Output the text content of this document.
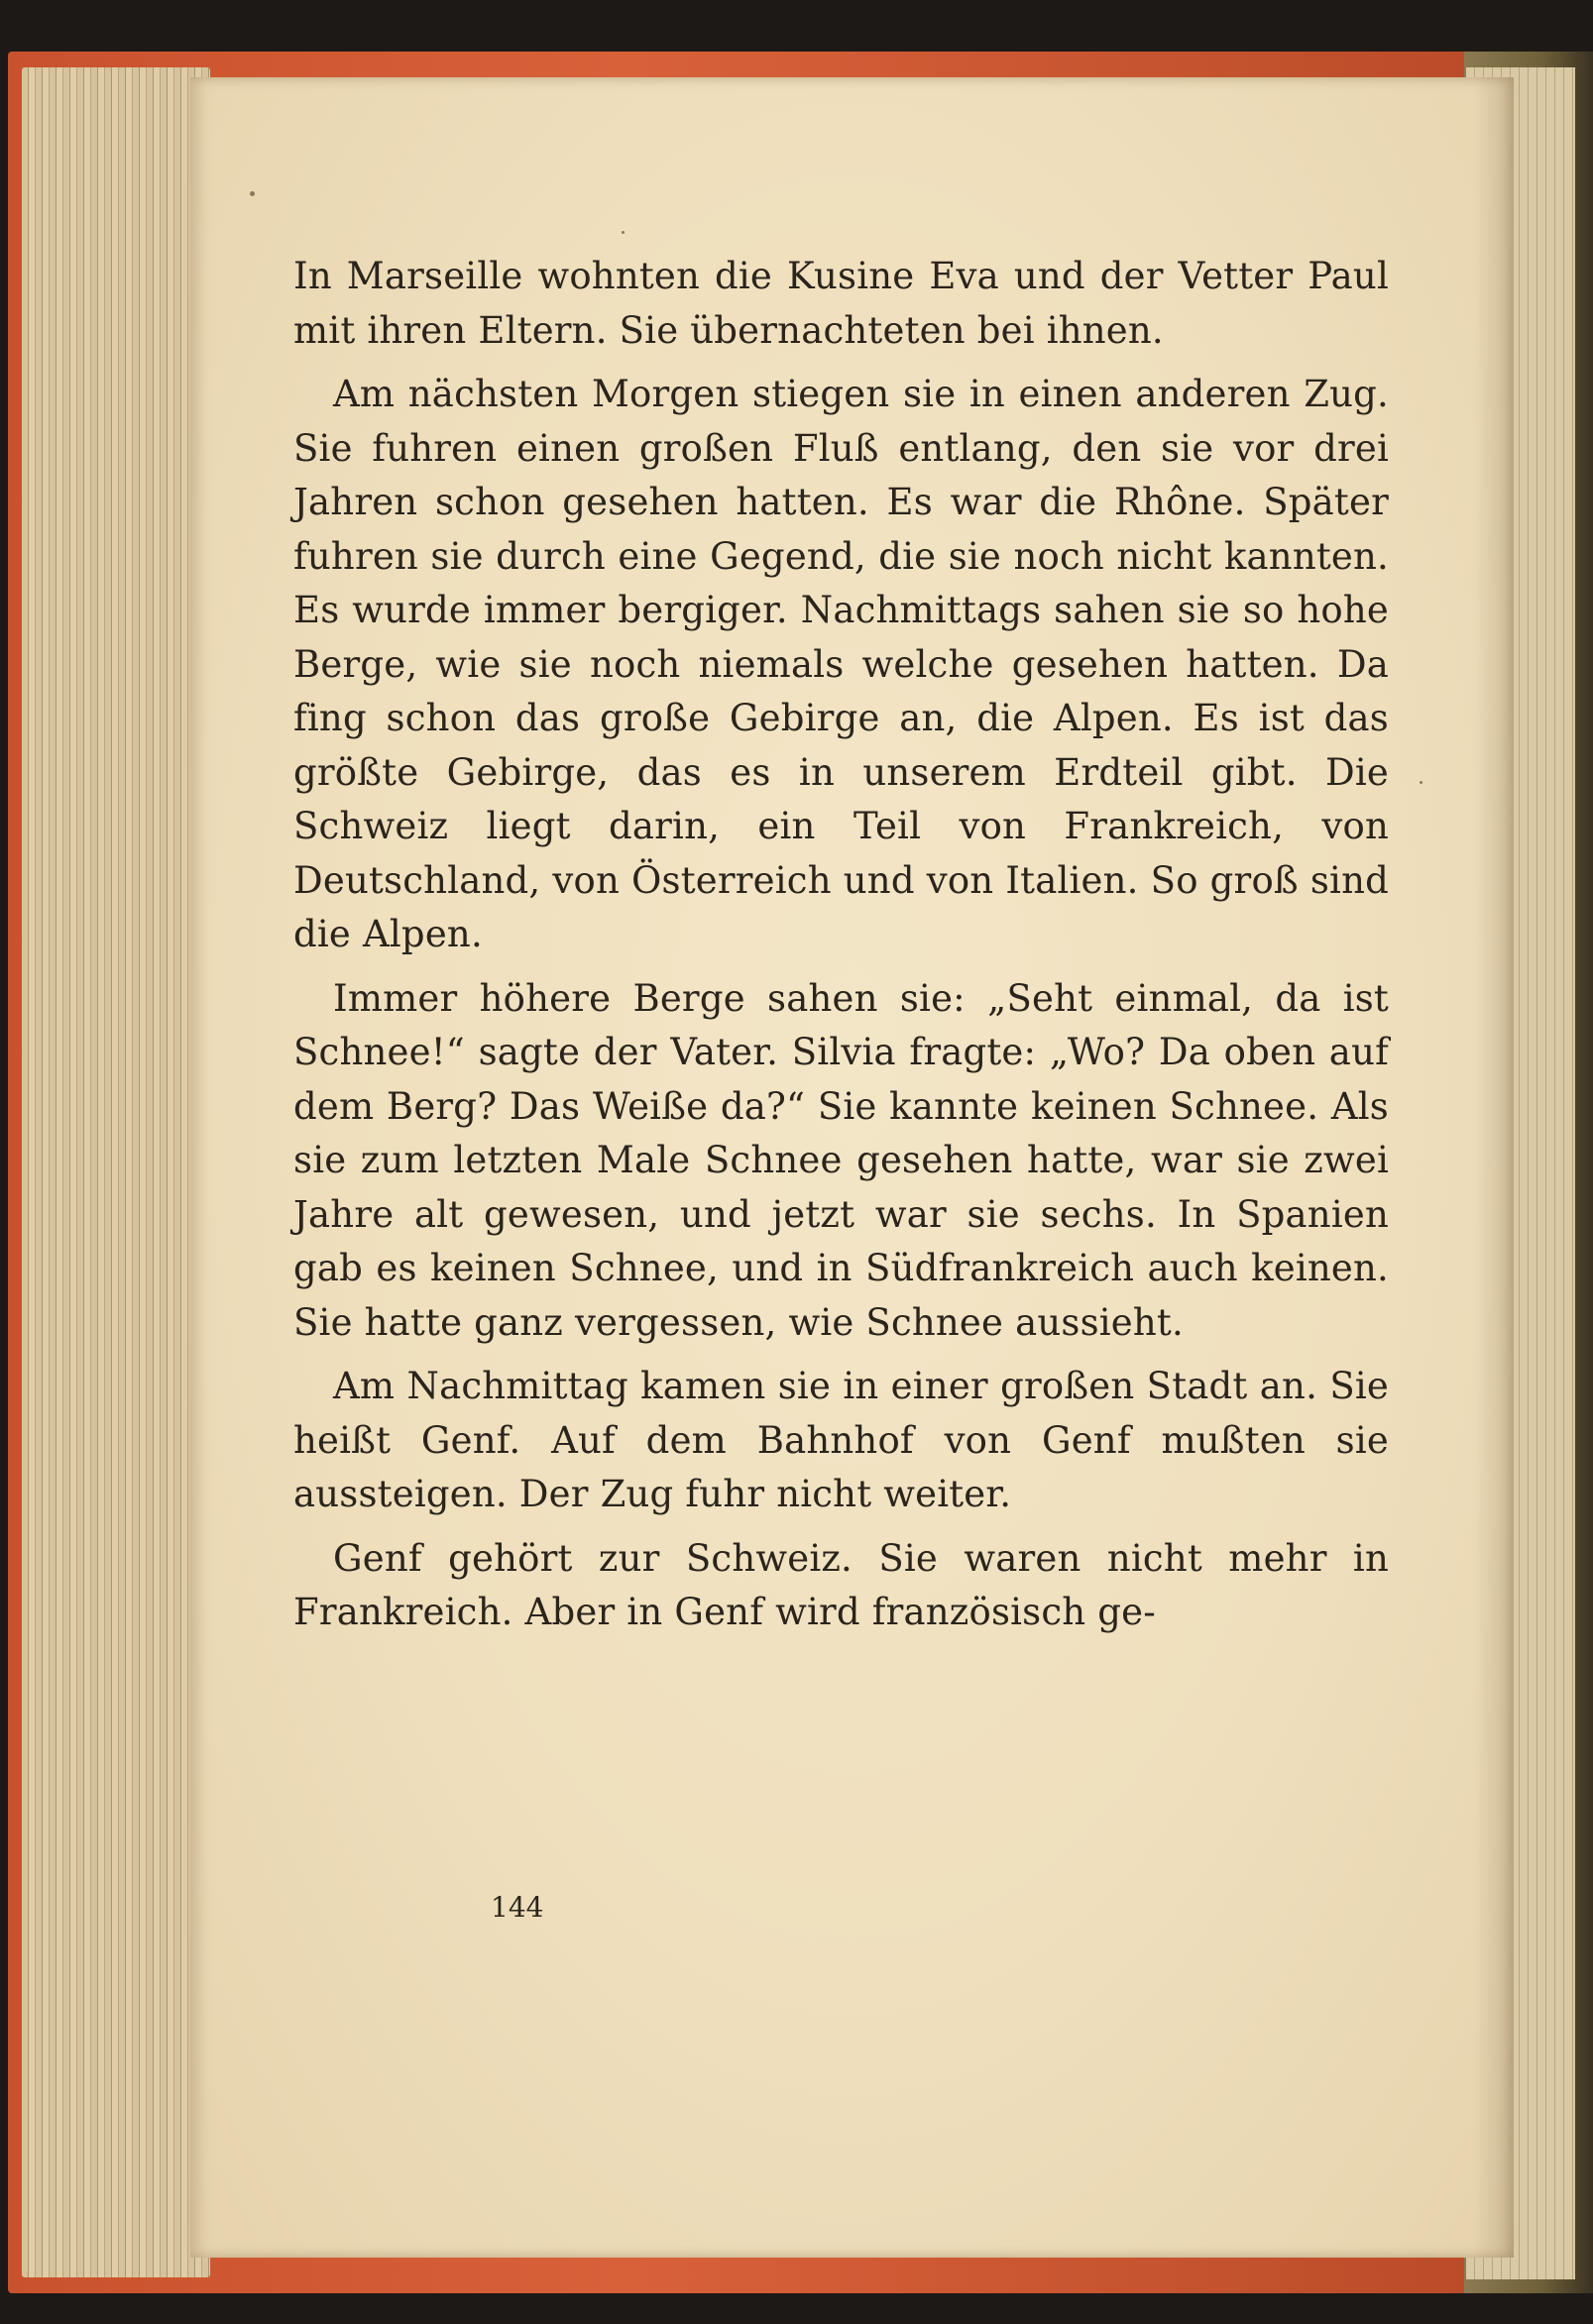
In Marseille wohnten die Kusine Eva und der Vetter Paul mit ihren Eltern. Sie übernachteten bei ihnen.

Am nächsten Morgen stiegen sie in einen anderen Zug. Sie fuhren einen großen Fluß entlang, den sie vor drei Jahren schon gesehen hatten. Es war die Rhône. Später fuhren sie durch eine Gegend, die sie noch nicht kannten. Es wurde immer bergiger. Nachmittags sahen sie so hohe Berge, wie sie noch niemals welche gesehen hatten. Da fing schon das große Gebirge an, die Alpen. Es ist das größte Gebirge, das es in unserem Erdteil gibt. Die Schweiz liegt darin, ein Teil von Frankreich, von Deutschland, von Österreich und von Italien. So groß sind die Alpen.

Immer höhere Berge sahen sie: „Seht einmal, da ist Schnee!“ sagte der Vater. Silvia fragte: „Wo? Da oben auf dem Berg? Das Weiße da?“ Sie kannte keinen Schnee. Als sie zum letzten Male Schnee gesehen hatte, war sie zwei Jahre alt gewesen, und jetzt war sie sechs. In Spanien gab es keinen Schnee, und in Südfrankreich auch keinen. Sie hatte ganz vergessen, wie Schnee aussieht.

Am Nachmittag kamen sie in einer großen Stadt an. Sie heißt Genf. Auf dem Bahnhof von Genf mußten sie aussteigen. Der Zug fuhr nicht weiter.

Genf gehört zur Schweiz. Sie waren nicht mehr in Frankreich. Aber in Genf wird französisch ge-

144
